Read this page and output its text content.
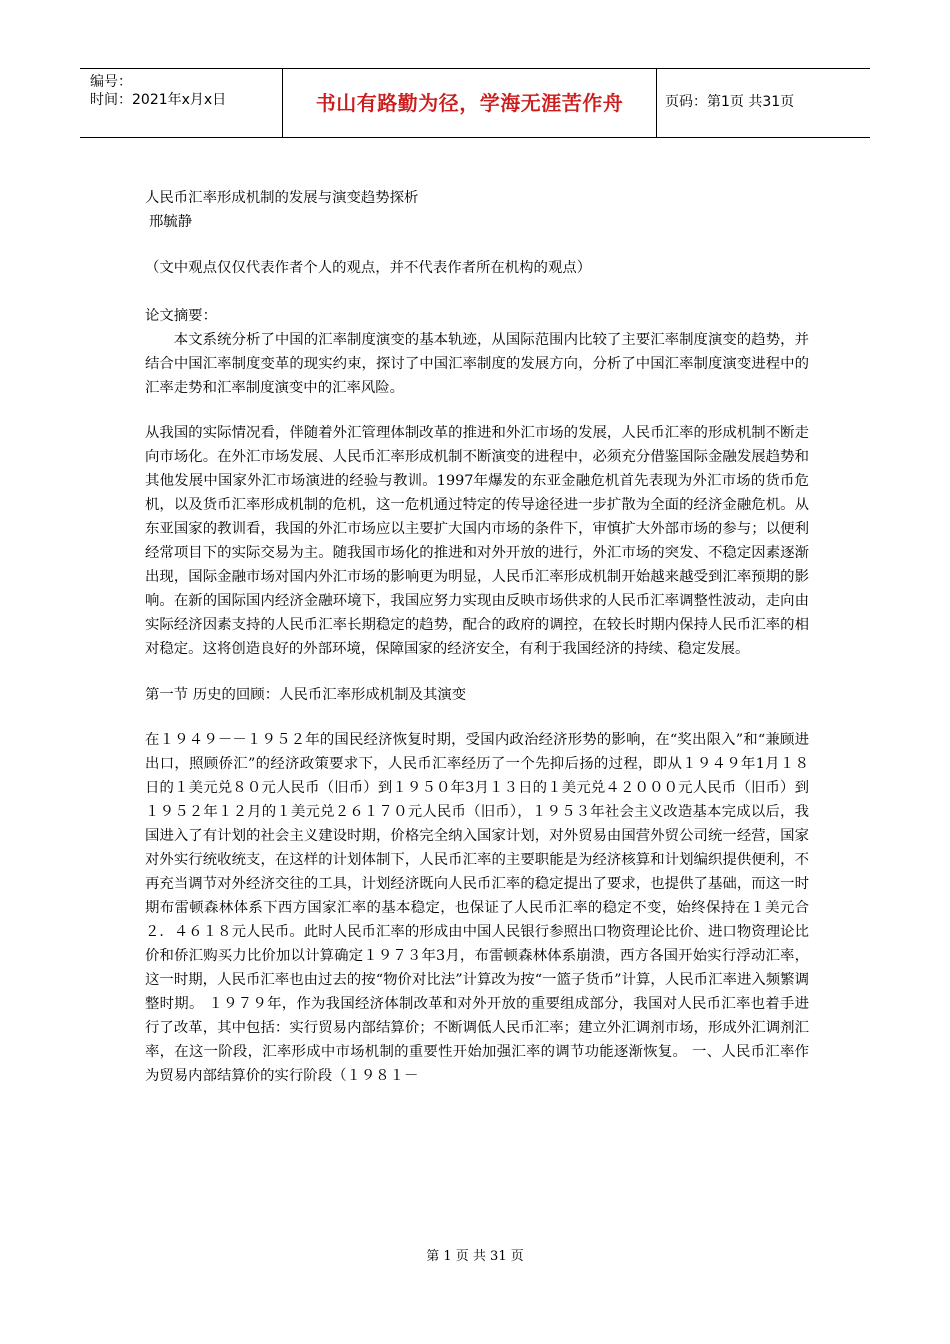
编号：
时间：2021年x月x日	书山有路勤为径，学海无涯苦作舟	页码：第1页 共31页

人民币汇率形成机制的发展与演变趋势探析

邢毓静

（文中观点仅仅代表作者个人的观点，并不代表作者所在机构的观点）

论文摘要：

本文系统分析了中国的汇率制度演变的基本轨迹，从国际范围内比较了主要汇率制度演变的趋势，并结合中国汇率制度变革的现实约束，探讨了中国汇率制度的发展方向，分析了中国汇率制度演变进程中的汇率走势和汇率制度演变中的汇率风险。

从我国的实际情况看，伴随着外汇管理体制改革的推进和外汇市场的发展，人民币汇率的形成机制不断走向市场化。在外汇市场发展、人民币汇率形成机制不断演变的进程中，必须充分借鉴国际金融发展趋势和其他发展中国家外汇市场演进的经验与教训。1997年爆发的东亚金融危机首先表现为外汇市场的货币危机，以及货币汇率形成机制的危机，这一危机通过特定的传导途径进一步扩散为全面的经济金融危机。从东亚国家的教训看，我国的外汇市场应以主要扩大国内市场的条件下，审慎扩大外部市场的参与；以便利经常项目下的实际交易为主。随我国市场化的推进和对外开放的进行，外汇市场的突发、不稳定因素逐渐出现，国际金融市场对国内外汇市场的影响更为明显，人民币汇率形成机制开始越来越受到汇率预期的影响。在新的国际国内经济金融环境下，我国应努力实现由反映市场供求的人民币汇率调整性波动，走向由实际经济因素支持的人民币汇率长期稳定的趋势，配合的政府的调控，在较长时期内保持人民币汇率的相对稳定。这将创造良好的外部环境，保障国家的经济安全，有利于我国经济的持续、稳定发展。

第一节 历史的回顾：人民币汇率形成机制及其演变

在１９４９－－１９５２年的国民经济恢复时期，受国内政治经济形势的影响，在“奖出限入”和“兼顾进出口，照顾侨汇”的经济政策要求下，人民币汇率经历了一个先抑后扬的过程，即从１９４９年1月１８日的１美元兑８０元人民币（旧币）到１９５０年3月１３日的１美元兑４２０００元人民币（旧币）到１９５２年１２月的１美元兑２６１７０元人民币（旧币），１９５３年社会主义改造基本完成以后，我国进入了有计划的社会主义建设时期，价格完全纳入国家计划，对外贸易由国营外贸公司统一经营，国家对外实行统收统支，在这样的计划体制下，人民币汇率的主要职能是为经济核算和计划编织提供便利，不再充当调节对外经济交往的工具，计划经济既向人民币汇率的稳定提出了要求，也提供了基础，而这一时期布雷顿森林体系下西方国家汇率的基本稳定，也保证了人民币汇率的稳定不变，始终保持在１美元合２．４６１８元人民币。此时人民币汇率的形成由中国人民银行参照出口物资理论比价、进口物资理论比价和侨汇购买力比价加以计算确定１９７３年3月，布雷顿森林体系崩溃，西方各国开始实行浮动汇率，这一时期，人民币汇率也由过去的按“物价对比法”计算改为按“一篮子货币”计算，人民币汇率进入频繁调整时期。 １９７９年，作为我国经济体制改革和对外开放的重要组成部分，我国对人民币汇率也着手进行了改革，其中包括：实行贸易内部结算价；不断调低人民币汇率；建立外汇调剂市场，形成外汇调剂汇率，在这一阶段，汇率形成中市场机制的重要性开始加强汇率的调节功能逐渐恢复。 一、人民币汇率作为贸易内部结算价的实行阶段（１９８１－

第 1 页 共 31 页
